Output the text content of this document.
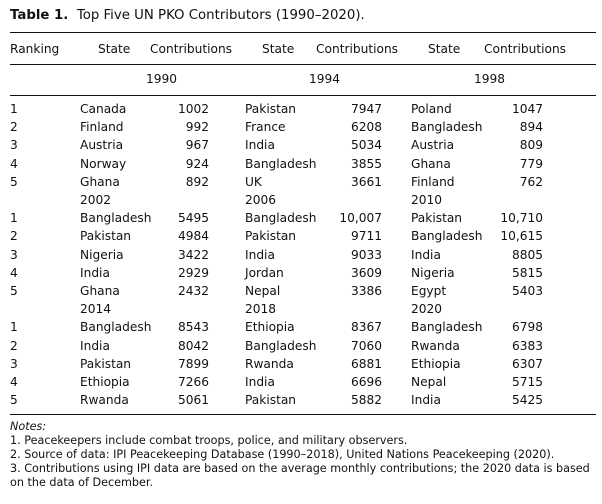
Table 1. Top Five UN PKO Contributors (1990–2020).
Ranking	State Contributions State Contributions State Contributions
1990	1994	1998
1	Canada	1002	Pakistan	7947 Poland	1047
2	Finland	992	France	6208 Bangladesh	894
3	Austria	967	India	5034 Austria	809
4	Norway	924	Bangladesh	3855 Ghana	779
5	Ghana	892	UK	3661 Finland	762
2002	2006	2010
1	Bangladesh 5495	Bangladesh 10,007 Pakistan	10,710
2	Pakistan	4984	Pakistan	9711 Bangladesh 10,615
3	Nigeria	3422	India	9033 India	8805
4	India	2929	Jordan	3609 Nigeria	5815
5	Ghana	2432	Nepal	3386 Egypt	5403
2014	2018	2020
1	Bangladesh 8543	Ethiopia	8367 Bangladesh 6798
2	India	8042	Bangladesh	7060 Rwanda	6383
3	Pakistan	7899	Rwanda	6881 Ethiopia	6307
4	Ethiopia	7266	India	6696 Nepal	5715
5	Rwanda	5061	Pakistan	5882 India	5425
Notes:
1. Peacekeepers include combat troops, police, and military observers.
2. Source of data: IPI Peacekeeping Database (1990–2018), United Nations Peacekeeping (2020).
3. Contributions using IPI data are based on the average monthly contributions; the 2020 data is based on the data of December.
